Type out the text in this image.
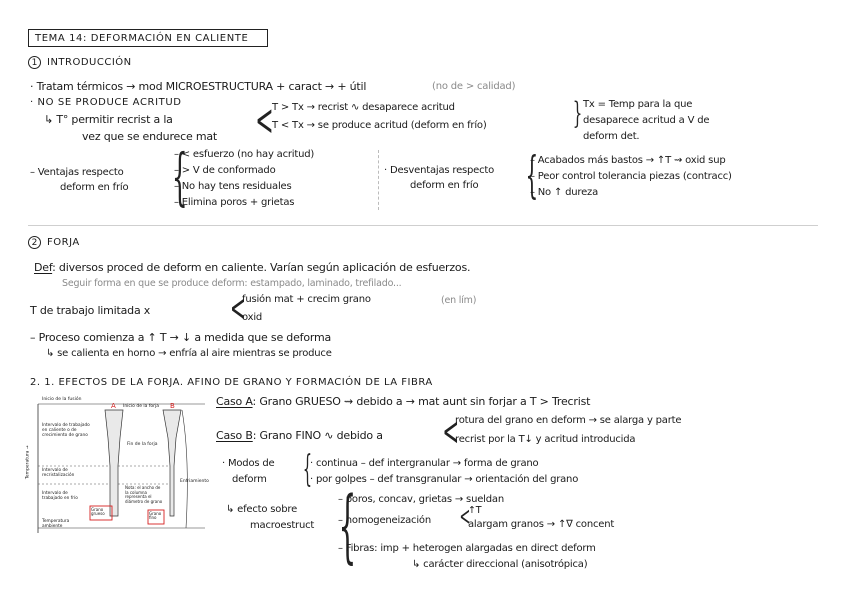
TEMA 14: DEFORMACIÓN EN CALIENTE
1 INTRODUCCIÓN
· Tratam térmicos → mod MICROESTRUCTURA + caract → + útil	(no de > calidad)
· NO SE PRODUCE ACRITUD
↳ T° permitir recrist a la
vez que se endurece mat <
T > Tx → recrist ∿ desaparece acritud
T < Tx → se produce acritud (deform en frío)	} Tx = Temp para la que
desaparece acritud a V de
deform det.
– Ventajas respecto
deform en frío {
– < esfuerzo (no hay acritud)
– > V de conformado
– No hay tens residuales
– Elimina poros + grietas
· Desventajas respecto
deform en frío {
– Acabados más bastos → ↑T ⇝ oxid sup
– Peor control tolerancia piezas (contracc)
– No ↑ dureza
2 FORJA
Def: diversos proced de deform en caliente. Varían según aplicación de esfuerzos.
Seguir forma en que se produce deform: estampado, laminado, trefilado...
T de trabajo limitada x <
fusión mat + crecim grano	(en lím)
oxid
– Proceso comienza a ↑ T → ↓ a medida que se deforma
↳ se calienta en horno → enfría al aire mientras se produce
2. 1. EFECTOS DE LA FORJA. AFINO DE GRANO Y FORMACIÓN DE LA FIBRA
Inicio de la fusión
A Inicio de la forja B
Intervalo de trabajado en caliente o de crecimiento de grano
Fin de la forja
Intervalo de recristalización
Intervalo de trabajado en frío
Nota: el ancho de la columna representa el diámetro de grano
Grano grueso	Grano fino
Enfriamiento
Temperatura ambiente
Temperatura →
Caso A: Grano GRUESO ⇝ debido a → mat aunt sin forjar a T > Trecrist
Caso B: Grano FINO ∿ debido a <
rotura del grano en deform → se alarga y parte
recrist por la T↓ y acritud introducida
· Modos de
deform {
· continua – def intergranular → forma de grano
· por golpes – def transgranular → orientación del grano
↳ efecto sobre
macroestruct {
– poros, concav, grietas → sueldan
– homogeneización <
↑T
alargam granos → ↑∇ concent
– Fibras: imp + heterogen alargadas en direct deform
↳ carácter direccional (anisotrópica)
